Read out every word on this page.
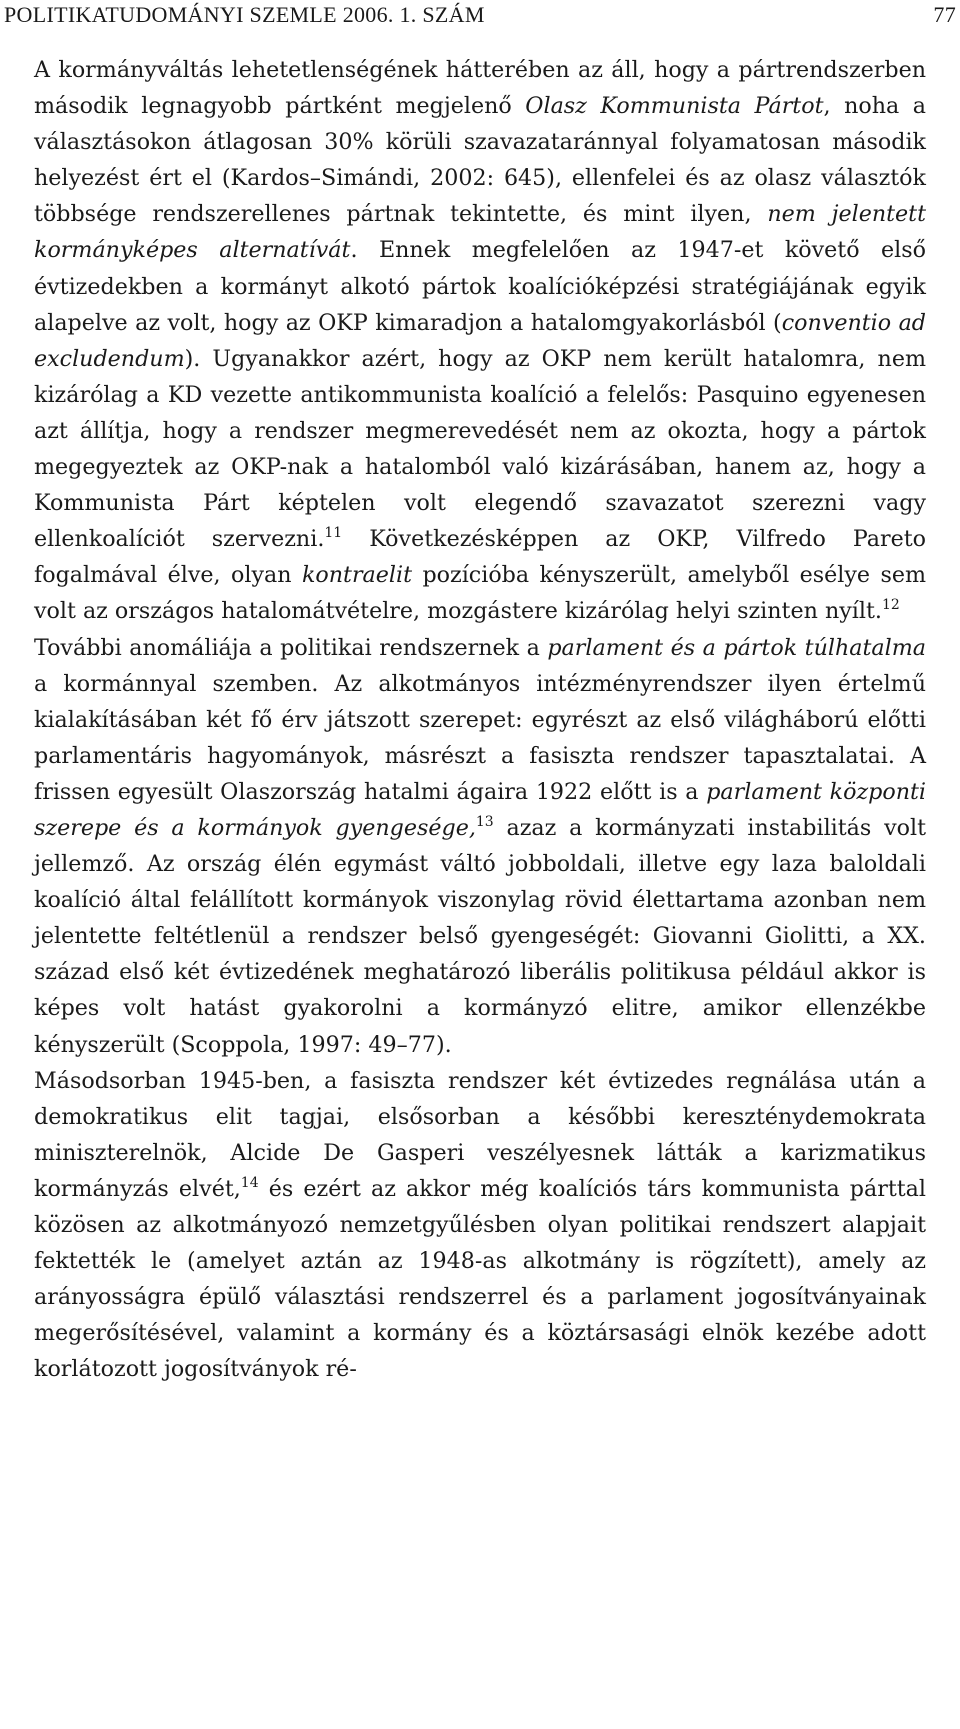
POLITIKATUDOMÁNYI SZEMLE 2006. 1. SZÁM	77

A kormányváltás lehetetlenségének hátterében az áll, hogy a pártrendszerben második legnagyobb pártként megjelenő Olasz Kommunista Pártot, noha a választásokon átlagosan 30% körüli szavazataránnyal folyamatosan második helyezést ért el (Kardos–Simándi, 2002: 645), ellenfelei és az olasz választók többsége rendszerellenes pártnak tekintette, és mint ilyen, nem jelentett kormányképes alternatívát. Ennek megfelelően az 1947-et követő első évtizedekben a kormányt alkotó pártok koalícióképzési stratégiájának egyik alapelve az volt, hogy az OKP kimaradjon a hatalomgyakorlásból (conventio ad excludendum). Ugyanakkor azért, hogy az OKP nem került hatalomra, nem kizárólag a KD vezette antikommunista koalíció a felelős: Pasquino egyenesen azt állítja, hogy a rendszer megmerevedését nem az okozta, hogy a pártok megegyeztek az OKP-nak a hatalomból való kizárásában, hanem az, hogy a Kommunista Párt képtelen volt elegendő szavazatot szerezni vagy ellenkoalíciót szervezni.$^{11}$ Következésképpen az OKP, Vilfredo Pareto fogalmával élve, olyan kontraelit pozícióba kényszerült, amelyből esélye sem volt az országos hatalomátvételre, mozgástere kizárólag helyi szinten nyílt.$^{12}$

További anomáliája a politikai rendszernek a parlament és a pártok túlhatalma a kormánnyal szemben. Az alkotmányos intézményrendszer ilyen értelmű kialakításában két fő érv játszott szerepet: egyrészt az első világháború előtti parlamentáris hagyományok, másrészt a fasiszta rendszer tapasztalatai. A frissen egyesült Olaszország hatalmi ágaira 1922 előtt is a parlament központi szerepe és a kormányok gyengesége,$^{13}$ azaz a kormányzati instabilitás volt jellemző. Az ország élén egymást váltó jobboldali, illetve egy laza baloldali koalíció által felállított kormányok viszonylag rövid élettartama azonban nem jelentette feltétlenül a rendszer belső gyengeségét: Giovanni Giolitti, a XX. század első két évtizedének meghatározó liberális politikusa például akkor is képes volt hatást gyakorolni a kormányzó elitre, amikor ellenzékbe kényszerült (Scoppola, 1997: 49–77).

Másodsorban 1945-ben, a fasiszta rendszer két évtizedes regnálása után a demokratikus elit tagjai, elsősorban a későbbi kereszténydemokrata miniszterelnök, Alcide De Gasperi veszélyesnek látták a karizmatikus kormányzás elvét,$^{14}$ és ezért az akkor még koalíciós társ kommunista párttal közösen az alkotmányozó nemzetgyűlésben olyan politikai rendszert alapjait fektették le (amelyet aztán az 1948-as alkotmány is rögzített), amely az arányosságra épülő választási rendszerrel és a parlament jogosítványainak megerősítésével, valamint a kormány és a köztársasági elnök kezébe adott korlátozott jogosítványok ré-
